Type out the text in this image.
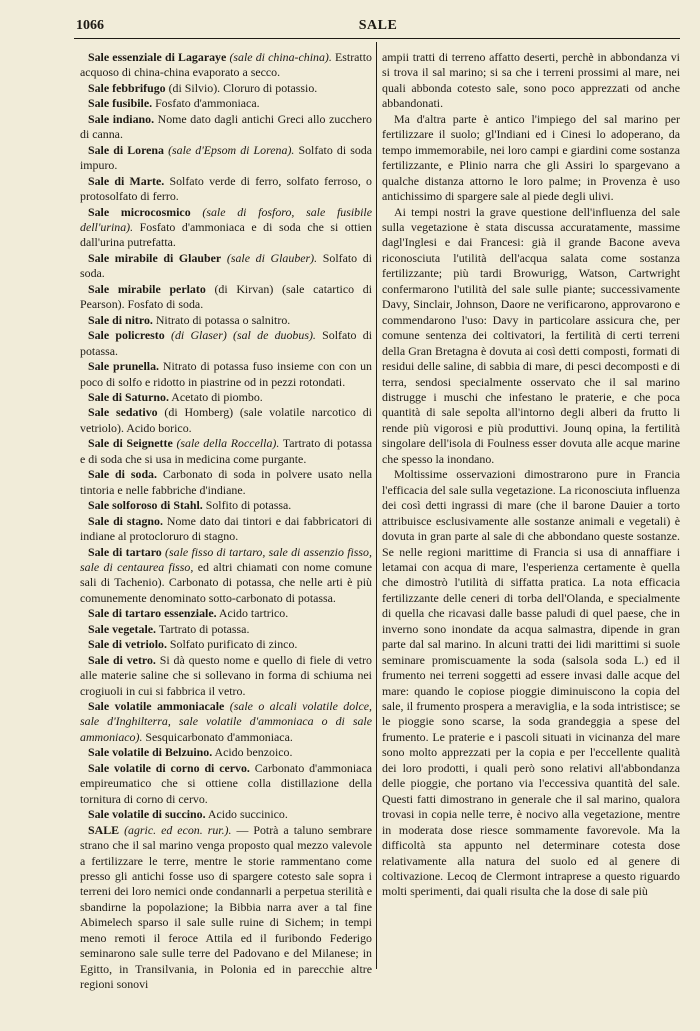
1066	SALE

Sale essenziale di Lagaraye (sale di china-china). Estratto acquoso di china-china evaporato a secco.

Sale febbrifugo (di Silvio). Cloruro di potassio.

Sale fusibile. Fosfato d'ammoniaca.

Sale indiano. Nome dato dagli antichi Greci allo zucchero di canna.

Sale di Lorena (sale d'Epsom di Lorena). Solfato di soda impuro.

Sale di Marte. Solfato verde di ferro, solfato ferroso, o protosolfato di ferro.

Sale microcosmico (sale di fosforo, sale fusibile dell'urina). Fosfato d'ammoniaca e di soda che si ottien dall'urina putrefatta.

Sale mirabile di Glauber (sale di Glauber). Solfato di soda.

Sale mirabile perlato (di Kirvan) (sale catartico di Pearson). Fosfato di soda.

Sale di nitro. Nitrato di potassa o salnitro.

Sale policresto (di Glaser) (sal de duobus). Solfato di potassa.

Sale prunella. Nitrato di potassa fuso insieme con con un poco di solfo e ridotto in piastrine od in pezzi rotondati.

Sale di Saturno. Acetato di piombo.

Sale sedativo (di Homberg) (sale volatile narcotico di vetriolo). Acido borico.

Sale di Seignette (sale della Roccella). Tartrato di potassa e di soda che si usa in medicina come purgante.

Sale di soda. Carbonato di soda in polvere usato nella tintoria e nelle fabbriche d'indiane.

Sale solforoso di Stahl. Solfito di potassa.

Sale di stagno. Nome dato dai tintori e dai fabbricatori di indiane al protocloruro di stagno.

Sale di tartaro (sale fisso di tartaro, sale di assenzio fisso, sale di centaurea fisso, ed altri chiamati con nome comune sali di Tachenio). Carbonato di potassa, che nelle arti è più comunemente denominato sotto-carbonato di potassa.

Sale di tartaro essenziale. Acido tartrico.

Sale vegetale. Tartrato di potassa.

Sale di vetriolo. Solfato purificato di zinco.

Sale di vetro. Si dà questo nome e quello di fiele di vetro alle materie saline che si sollevano in forma di schiuma nei crogiuoli in cui si fabbrica il vetro.

Sale volatile ammoniacale (sale o alcali volatile dolce, sale d'Inghilterra, sale volatile d'ammoniaca o di sale ammoniaco). Sesquicarbonato d'ammoniaca.

Sale volatile di Belzuino. Acido benzoico.

Sale volatile di corno di cervo. Carbonato d'ammoniaca empireumatico che si ottiene colla distillazione della tornitura di corno di cervo.

Sale volatile di succino. Acido succinico.

SALE (agric. ed econ. rur.). — Potrà a taluno sembrare strano che il sal marino venga proposto qual mezzo valevole a fertilizzare le terre, mentre le storie rammentano come presso gli antichi fosse uso di spargere cotesto sale sopra i terreni dei loro nemici onde condannarli a perpetua sterilità e sbandirne la popolazione; la Bibbia narra aver a tal fine Abimelech sparso il sale sulle ruine di Sichem; in tempi meno remoti il feroce Attila ed il furibondo Federigo seminarono sale sulle terre del Padovano e del Milanese; in Egitto, in Transilvania, in Polonia ed in parecchie altre regioni sonovi

ampii tratti di terreno affatto deserti, perchè in abbondanza vi si trova il sal marino; si sa che i terreni prossimi al mare, nei quali abbonda cotesto sale, sono poco apprezzati od anche abbandonati.

Ma d'altra parte è antico l'impiego del sal marino per fertilizzare il suolo; gl'Indiani ed i Cinesi lo adoperano, da tempo immemorabile, nei loro campi e giardini come sostanza fertilizzante, e Plinio narra che gli Assiri lo spargevano a qualche distanza attorno le loro palme; in Provenza è uso antichissimo di spargere sale al piede degli ulivi.

Ai tempi nostri la grave questione dell'influenza del sale sulla vegetazione è stata discussa accuratamente, massime dagl'Inglesi e dai Francesi: già il grande Bacone aveva riconosciuta l'utilità dell'acqua salata come sostanza fertilizzante; più tardi Browurigg, Watson, Cartwright confermarono l'utilità del sale sulle piante; successivamente Davy, Sinclair, Johnson, Daore ne verificarono, approvarono e commendarono l'uso: Davy in particolare assicura che, per comune sentenza dei coltivatori, la fertilità di certi terreni della Gran Bretagna è dovuta ai così detti composti, formati di residui delle saline, di sabbia di mare, di pesci decomposti e di terra, sendosi specialmente osservato che il sal marino distrugge i muschi che infestano le praterie, e che poca quantità di sale sepolta all'intorno degli alberi da frutto li rende più vigorosi e più produttivi. Jounq opina, la fertilità singolare dell'isola di Foulness esser dovuta alle acque marine che spesso la inondano.

Moltissime osservazioni dimostrarono pure in Francia l'efficacia del sale sulla vegetazione. La riconosciuta influenza dei così detti ingrassi di mare (che il barone Dauier a torto attribuisce esclusivamente alle sostanze animali e vegetali) è dovuta in gran parte al sale di che abbondano queste sostanze. Se nelle regioni marittime di Francia si usa di annaffiare i letamai con acqua di mare, l'esperienza certamente è quella che dimostrò l'utilità di siffatta pratica. La nota efficacia fertilizzante delle ceneri di torba dell'Olanda, e specialmente di quella che ricavasi dalle basse paludi di quel paese, che in inverno sono inondate da acqua salmastra, dipende in gran parte dal sal marino. In alcuni tratti dei lidi marittimi si suole seminare promiscuamente la soda (salsola soda L.) ed il frumento nei terreni soggetti ad essere invasi dalle acque del mare: quando le copiose pioggie diminuiscono la copia del sale, il frumento prospera a meraviglia, e la soda intristisce; se le pioggie sono scarse, la soda grandeggia a spese del frumento. Le praterie e i pascoli situati in vicinanza del mare sono molto apprezzati per la copia e per l'eccellente qualità dei loro prodotti, i quali però sono relativi all'abbondanza delle pioggie, che portano via l'eccessiva quantità del sale. Questi fatti dimostrano in generale che il sal marino, qualora trovasi in copia nelle terre, è nocivo alla vegetazione, mentre in moderata dose riesce sommamente favorevole. Ma la difficoltà sta appunto nel determinare cotesta dose relativamente alla natura del suolo ed al genere di coltivazione. Lecoq de Clermont intraprese a questo riguardo molti sperimenti, dai quali risulta che la dose di sale più
